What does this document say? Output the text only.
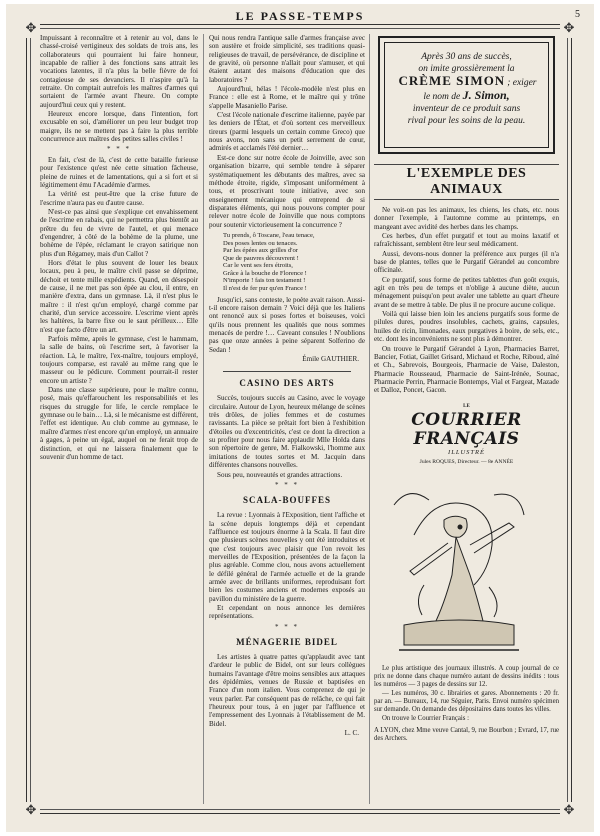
LE PASSE-TEMPS	5
✥	✥
✥	✥

Impuissant à reconnaître et à retenir au vol, dans le chassé-croisé vertigineux des soldats de trois ans, les collaborateurs qui pourraient lui faire honneur, incapable de rallier à des fonctions sans attrait les vocations latentes, il n'a plus la belle fièvre de foi contagieuse de ses devanciers. Il n'aspire qu'à la retraite. On comptait autrefois les maîtres d'armes qui sortaient de l'armée avant l'heure. On compte aujourd'hui ceux qui y restent.

Heureux encore lorsque, dans l'intention, fort excusable en soi, d'améliorer un peu leur budget trop maigre, ils ne se mettent pas à faire la plus terrible concurrence aux maîtres des petites salles civiles !

* * *

En fait, c'est de là, c'est de cette bataille furieuse pour l'existence qu'est née cette situation fâcheuse, pleine de ruines et de lamentations, qui a si fort et si légitimement ému l'Académie d'armes.

La vérité est peut-être que la crise future de l'escrime n'aura pas eu d'autre cause.

N'est-ce pas ainsi que s'explique cet envahissement de l'escrime en rabais, qui ne permettra plus bientôt au prêtre du feu de vivre de l'autel, et qui menace d'engendrer, à côté de la bohème de la plume, une bohème de l'épée, réclamant le crayon satirique non plus d'un Régamey, mais d'un Callot ?

Hors d'état le plus souvent de louer les beaux locaux, peu à peu, le maître civil passe se déprime, déchoit et tente mille expédients. Quand, en désespoir de cause, il ne met pas son épée au clou, il entre, en manière d'extra, dans un gymnase. Là, il n'est plus le maître : il n'est qu'un employé, chargé comme par charité, d'un service accessoire. L'escrime vient après les haltères, la barre fixe ou le saut périlleux… Elle n'est que facto d'être un art.

Parfois même, après le gymnase, c'est le hammam, la salle de bains, où l'escrime sert, à favoriser la réaction. Là, le maître, l'ex-maître, toujours employé, toujours comparse, est ravalé au même rang que le masseur ou le pédicure. Comment pourrait-il rester encore un artiste ?

Dans une classe supérieure, pour le maître connu, posé, mais qu'effarouchent les responsabilités et les risques du struggle for life, le cercle remplace le gymnase ou le bain… Là, si le mécanisme est différent, l'effet est identique. Au club comme au gymnase, le maître d'armes n'est encore qu'un employé, un annuaire à gages, à peine un égal, auquel on ne ferait trop de distinction, et qui ne laissera finalement que le souvenir d'un homme de tact.

Qui nous rendra l'antique salle d'armes française avec son austère et froide simplicité, ses traditions quasi-religieuses de travail, de persévérance, de discipline et de gravité, où personne n'allait pour s'amuser, et qui étaient autant des maisons d'éducation que des laboratoires ?

Aujourd'hui, hélas ! l'école-modèle n'est plus en France : elle est à Rome, et le maître qui y trône s'appelle Masaniello Parise.

C'est l'école nationale d'escrime italienne, payée par les deniers de l'État, et d'où sortent ces merveilleux tireurs (parmi lesquels un certain comme Greco) que nous avons, non sans un petit serrement de cœur, admirés et acclamés l'été dernier…

Est-ce donc sur notre école de Joinville, avec son organisation bizarre, qui semble tendre à séparer systématiquement les débutants des maîtres, avec sa méthode étroite, rigide, s'imposant uniformément à tous, et proscrivant toute initiative, avec son enseignement mécanique qui entreprend de si disparates éléments, qui nous pouvons compter pour relever notre école de Joinville que nous comptons pour soutenir victorieusement la concurrence ?

Tu prends, ô Toscane, l'eau tenace,
Des poses lentes ou tenaces.
Par les épées aux grilles d'or
Que de pauvres découvrent !
Car le vent ses fers étroits,
Grâce à la bouche de Florence !
N'importe ! fais ton testament !
Il n'est de fer pur qu'en France !

Jusqu'ici, sans conteste, le poète avait raison. Aussi-t-il encore raison demain ? Voici déjà que les Italiens ont renoncé aux si poses fortes et boiseuses, voici qu'ils nous prennent les qualités que nous sommes menacés de perdre !… Caveant consules ! N'oublions pas que onze années à peine séparent Solferino de Sedan !

Émile GAUTHIER.
CASINO DES ARTS

Succès, toujours succès au Casino, avec le voyage circulaire. Autour de Lyon, heureux mélange de scènes très drôles, de jolies femmes et de costumes ravissants. La pièce se prêtait fort bien à l'exhibition d'étoiles ou d'excentricités, c'est ce dont la direction a su profiter pour nous faire applaudir Mlle Holda dans son répertoire de genre, M. Fialkowski, l'homme aux imitations de toutes sortes et M. Jacquin dans différentes chansons nouvelles.

Sous peu, nouveautés et grandes attractions.

* * *
SCALA-BOUFFES

La revue : Lyonnais à l'Exposition, tient l'affiche et la scène depuis longtemps déjà et cependant l'affluence est toujours énorme à la Scala. Il faut dire que plusieurs scènes nouvelles y ont été introduites et que c'est toujours avec plaisir que l'on revoit les merveilles de l'Exposition, présentées de la façon la plus agréable. Comme clou, nous avons actuellement le défilé général de l'armée actuelle et de la grande armée avec de brillants uniformes, reproduisant fort bien les costumes anciens et modernes exposés au pavillon du ministère de la guerre.

Et cependant on nous annonce les dernières représentations.

* * *
MÉNAGERIE BIDEL

Les artistes à quatre pattes qu'applaudit avec tant d'ardeur le public de Bidel, ont sur leurs collègues humains l'avantage d'être moins sensibles aux attaques des épidémies, venues de Russie et baptisées en France d'un nom italien. Vous comprenez de qui je veux parler. Par conséquent pas de relâche, ce qui fait l'heureux pour tous, à en juger par l'affluence et l'empressement des Lyonnais à l'établissement de M. Bidel.

L. C.
Après 30 ans de succès,
on imite grossièrement la
CRÈME SIMON ; exiger
le nom de J. Simon,
inventeur de ce produit sans
rival pour les soins de la peau.
L'EXEMPLE DES ANIMAUX

Ne voit-on pas les animaux, les chiens, les chats, etc. nous donner l'exemple, à l'automne comme au printemps, en mangeant avec avidité des herbes dans les champs.

Ces herbes, d'un effet purgatif et tout au moins laxatif et rafraîchissant, semblent être leur seul médicament.

Aussi, devons-nous donner la préférence aux purges (il n'a base de plantes, telles que le Purgatif Gérandel au concombre officinale.

Ce purgatif, sous forme de petites tablettes d'un goût exquis, agit en très peu de temps et n'oblige à aucune diète, aucun ménagement puisqu'on peut avaler une tablette au quart d'heure avant de se mettre à table. De plus il ne procure aucune colique.

Voilà qui laisse bien loin les anciens purgatifs sous forme de pilules dures, poudres insolubles, cachets, grains, capsules, huiles de ricin, limonades, eaux purgatives à boire, de sels, etc., etc. dont les inconvénients ne sont plus à démontrer.

On trouve le Purgatif Gérandel à Lyon, Pharmacies Barret, Bancier, Fotiat, Gaillet Grisard, Michaud et Roche, Riboud, aîné et Ch., Sabrevois, Bourgeois, Pharmacie de Vaise, Daleston, Pharmacie Rousseaud, Pharmacie de Saint-Irénée, Sounac, Pharmacie Perrin, Pharmacie Bontemps, Vial et Fargeat, Mazade et Dalloz, Poncet, Gacon.

LE
COURRIER FRANÇAIS
ILLUSTRÉ
Jules ROQUES, Directeur. — 8e ANNÉE

Le plus artistique des journaux illustrés. A coup journal de ce prix ne donne dans chaque numéro autant de dessins inédits : tous les numéros — 3 pages de dessins sur 12.

— Les numéros, 30 c. librairies et gares. Abonnements : 20 fr. par an. — Bureaux, 14, rue Séguier, Paris. Envoi numéro spécimen sur demande. On demande des dépositaires dans toutes les villes.

On trouve le Courrier Français :

A LYON, chez Mme veuve Cantal, 9, rue Bourbon ; Evrard, 17, rue des Archers.
